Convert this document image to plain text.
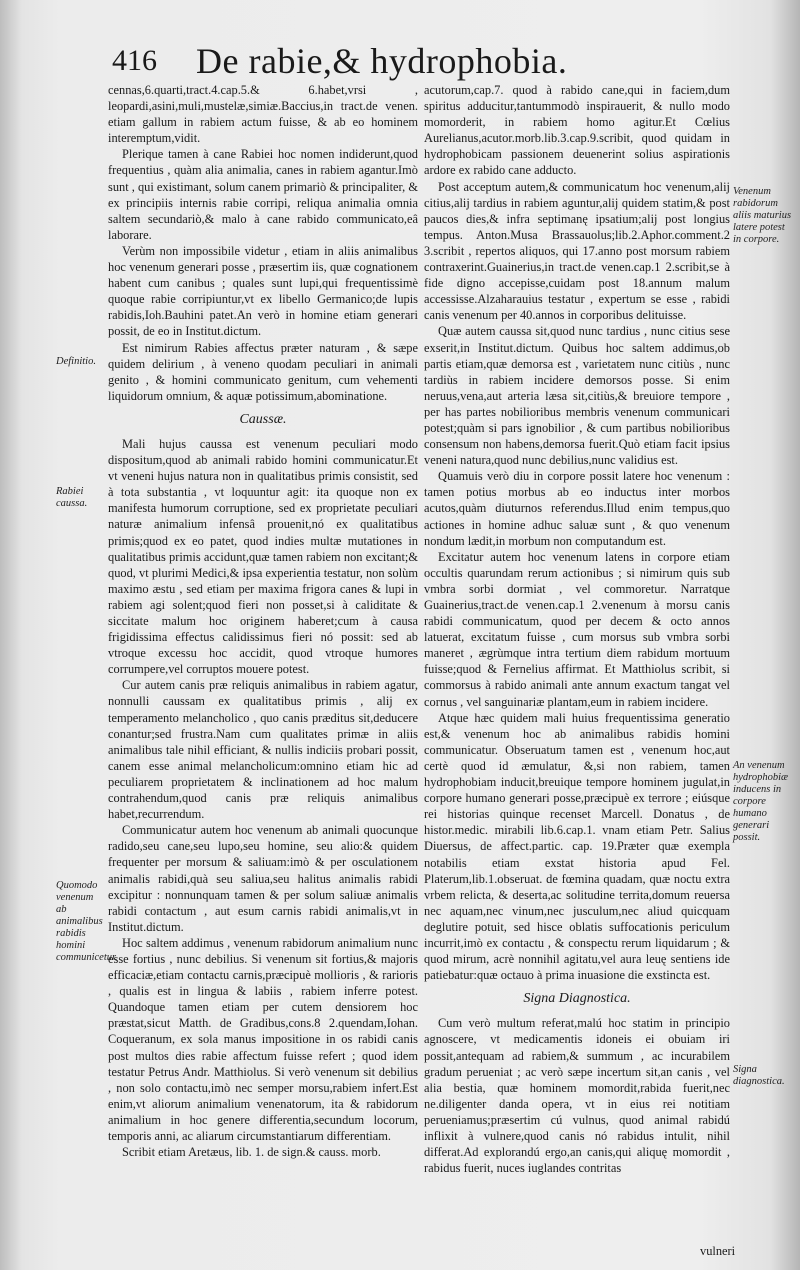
416 De rabie,& hydrophobia.

cennas,6.quarti,tract.4.cap.5.& 6.habet,vrsi , leopardi,asini,muli,mustelæ,simiæ.Baccius,in tract.de venen. etiam gallum in rabiem actum fuisse, & ab eo hominem interemptum,vidit.

Plerique tamen à cane Rabiei hoc nomen indiderunt,quod frequentius , quàm alia animalia, canes in rabiem agantur.Imò sunt , qui existimant, solum canem primariò & principaliter, & ex principiis internis rabie corripi, reliqua animalia omnia saltem secundariò,& malo à cane rabido communicato,eâ laborare.

Verùm non impossibile videtur , etiam in aliis animalibus hoc venenum generari posse , præsertim iis, quæ cognationem habent cum canibus ; quales sunt lupi,qui frequentissimè quoque rabie corripiuntur,vt ex libello Germanico;de lupis rabidis,Ioh.Bauhini patet.An verò in homine etiam generari possit, de eo in Institut.dictum.

Est nimirum Rabies affectus præter naturam , & sæpe quidem delirium , à veneno quodam peculiari in animali genito , & homini communicato genitum, cum vehementi liquidorum omnium, & aquæ potissimum,abominatione.

Caussæ.

Mali hujus caussa est venenum peculiari modo dispositum,quod ab animali rabido homini communicatur.Et vt veneni hujus natura non in qualitatibus primis consistit, sed à tota substantia , vt loquuntur agit: ita quoque non ex manifesta humorum corruptione, sed ex proprietate peculiari naturæ animalium infensâ prouenit,nó ex qualitatibus primis;quod ex eo patet, quod indies multæ mutationes in qualitatibus primis accidunt,quæ tamen rabiem non excitant;& quod, vt plurimi Medici,& ipsa experientia testatur, non solùm maximo æstu , sed etiam per maxima frigora canes & lupi in rabiem agi solent;quod fieri non posset,si à caliditate & siccitate malum hoc originem haberet;cum à causa frigidissima effectus calidissimus fieri nó possit: sed ab vtroque excessu hoc accidit, quod vtroque humores corrumpere,vel corruptos mouere potest.

Cur autem canis præ reliquis animalibus in rabiem agatur, nonnulli caussam ex qualitatibus primis , alij ex temperamento melancholico , quo canis præditus sit,deducere conantur;sed frustra.Nam cum qualitates primæ in aliis animalibus tale nihil efficiant, & nullis indiciis probari possit, canem esse animal melancholicum:omnino etiam hic ad peculiarem proprietatem & inclinationem ad hoc malum contrahendum,quod canis præ reliquis animalibus habet,recurrendum.

Communicatur autem hoc venenum ab animali quocunque radido,seu cane,seu lupo,seu homine, seu alio:& quidem frequenter per morsum & saliuam:imò & per osculationem animalis rabidi,quà seu saliua,seu halitus animalis rabidi excipitur : nonnunquam tamen & per solum saliuæ animalis rabidi contactum , aut esum carnis rabidi animalis,vt in Institut.dictum.

Hoc saltem addimus , venenum rabidorum animalium nunc esse fortius , nunc debilius. Si venenum sit fortius,& majoris efficaciæ,etiam contactu carnis,præcipuè mollioris , & rarioris , qualis est in lingua & labiis , rabiem inferre potest. Quandoque tamen etiam per cutem densiorem hoc præstat,sicut Matth. de Gradibus,cons.8 2.quendam,Iohan. Coqueranum, ex sola manus impositione in os rabidi canis post multos dies rabie affectum fuisse refert ; quod idem testatur Petrus Andr. Matthiolus. Si verò venenum sit debilius , non solo contactu,imò nec semper morsu,rabiem infert.Est enim,vt aliorum animalium venenatorum, ita & rabidorum animalium in hoc genere differentia,secundum locorum, temporis anni, ac aliarum circumstantiarum differentiam.

Scribit etiam Aretæus, lib. 1. de sign.& causs. morb.

acutorum,cap.7. quod à rabido cane,qui in faciem,dum spiritus adducitur,tantummodò inspirauerit, & nullo modo momorderit, in rabiem homo agitur.Et Cœlius Aurelianus,acutor.morb.lib.3.cap.9.scribit, quod quidam in hydrophobicam passionem deuenerint solius aspirationis ardore ex rabido cane adducto.

Post acceptum autem,& communicatum hoc venenum,alij citius,alij tardius in rabiem aguntur,alij quidem statim,& post paucos dies,& infra septimanę ipsatium;alij post longius tempus. Anton.Musa Brassauolus;lib.2.Aphor.comment.2 3.scribit , repertos aliquos, qui 17.anno post morsum rabiem contraxerint.Guainerius,in tract.de venen.cap.1 2.scribit,se à fide digno accepisse,cuidam post 18.annum malum accessisse.Alzaharauius testatur , expertum se esse , rabidi canis venenum per 40.annos in corporibus delituisse.

Quæ autem caussa sit,quod nunc tardius , nunc citius sese exserit,in Institut.dictum. Quibus hoc saltem addimus,ob partis etiam,quæ demorsa est , varietatem nunc citiùs , nunc tardiùs in rabiem incidere demorsos posse. Si enim neruus,vena,aut arteria læsa sit,citiùs,& breuiore tempore , per has partes nobilioribus membris venenum communicari potest;quàm si pars ignobilior , & cum partibus nobilioribus consensum non habens,demorsa fuerit.Quò etiam facit ipsius veneni natura,quod nunc debilius,nunc validius est.

Quamuis verò diu in corpore possit latere hoc venenum : tamen potius morbus ab eo inductus inter morbos acutos,quàm diuturnos referendus.Illud enim tempus,quo actiones in homine adhuc saluæ sunt , & quo venenum nondum lædit,in morbum non computandum est.

Excitatur autem hoc venenum latens in corpore etiam occultis quarundam rerum actionibus ; si nimirum quis sub vmbra sorbi dormiat , vel commoretur. Narratque Guainerius,tract.de venen.cap.1 2.venenum à morsu canis rabidi communicatum, quod per decem & octo annos latuerat, excitatum fuisse , cum morsus sub vmbra sorbi maneret , ægrùmque intra tertium diem rabidum mortuum fuisse;quod & Fernelius affirmat. Et Matthiolus scribit, si commorsus à rabido animali ante annum exactum tangat vel cornus , vel sanguinariæ plantam,eum in rabiem incidere.

Atque hæc quidem mali huius frequentissima generatio est,& venenum hoc ab animalibus rabidis homini communicatur. Obseruatum tamen est , venenum hoc,aut certè quod id æmulatur, &,si non rabiem, tamen hydrophobiam inducit,breuique tempore hominem jugulat,in corpore humano generari posse,præcipuè ex terrore ; eiúsque rei historias quinque recenset Marcell. Donatus , de histor.medic. mirabili lib.6.cap.1. vnam etiam Petr. Salius Diuersus, de affect.partic. cap. 19.Præter quæ exempla notabilis etiam exstat historia apud Fel. Platerum,lib.1.obseruat. de fœmina quadam, quæ noctu extra vrbem relicta, & deserta,ac solitudine territa,domum reuersa nec aquam,nec vinum,nec jusculum,nec aliud quicquam deglutire potuit, sed hisce oblatis suffocationis periculum incurrit,imò ex contactu , & conspectu rerum liquidarum ; & quod mirum, acrè nonnihil agitatu,vel aura leuę sentiens ide patiebatur:quæ octauo à prima inuasione die exstincta est.

Signa Diagnostica.

Cum verò multum referat,malú hoc statim in principio agnoscere, vt medicamentis idoneis ei obuiam iri possit,antequam ad rabiem,& summum , ac incurabilem gradum perueniat ; ac verò sæpe incertum sit,an canis , vel alia bestia, quæ hominem momordit,rabida fuerit,nec ne.diligenter danda opera, vt in eius rei notitiam perueniamus;præsertim cú vulnus, quod animal rabidú inflixit à vulnere,quod canis nó rabidus intulit, nihil differat.Ad explorandú ergo,an canis,qui aliquę momordit , rabidus fuerit, nuces iuglandes contritas

Definitio.
Rabiei caussa.
Quomodo venenum ab animalibus rabidis homini communicetur.
Venenum rabidorum aliis maturius latere potest in corpore.
An venenum hydrophobiæ inducens in corpore humano generari possit.
Signa diagnostica.
vulneri
